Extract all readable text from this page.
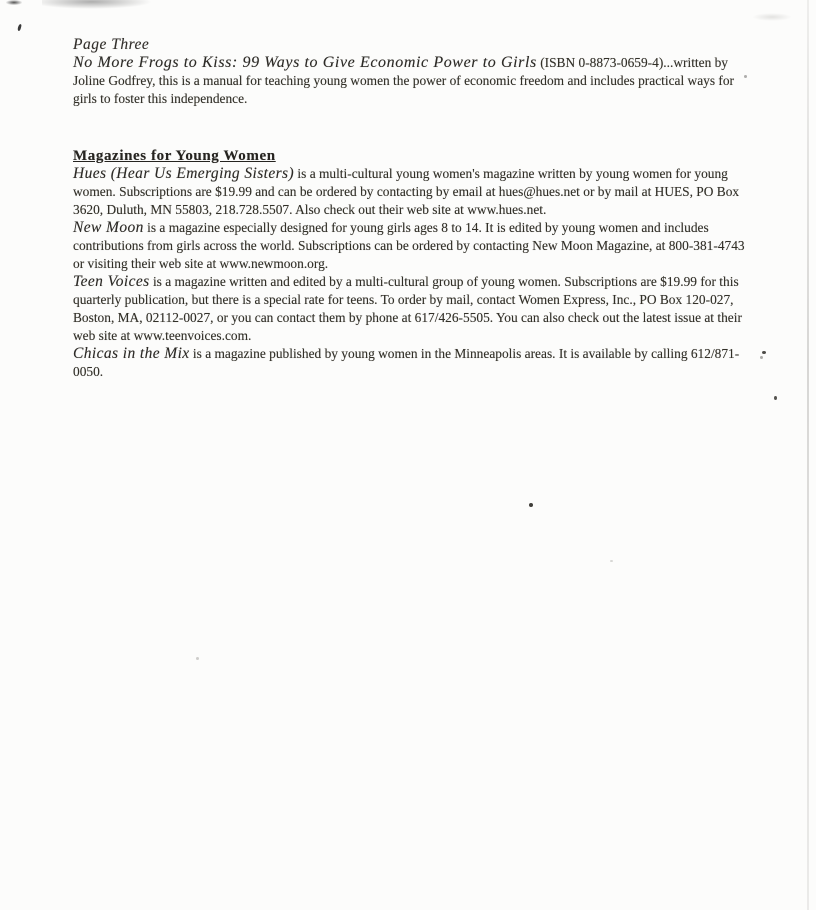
Page Three

No More Frogs to Kiss: 99 Ways to Give Economic Power to Girls (ISBN 0-8873-0659-4)...written by Joline Godfrey, this is a manual for teaching young women the power of economic freedom and includes practical ways for girls to foster this independence.

Magazines for Young Women

Hues (Hear Us Emerging Sisters) is a multi-cultural young women's magazine written by young women for young women. Subscriptions are $19.99 and can be ordered by contacting by email at hues@hues.net or by mail at HUES, PO Box 3620, Duluth, MN 55803, 218.728.5507. Also check out their web site at www.hues.net.

New Moon is a magazine especially designed for young girls ages 8 to 14. It is edited by young women and includes contributions from girls across the world. Subscriptions can be ordered by contacting New Moon Magazine, at 800-381-4743 or visiting their web site at www.newmoon.org.

Teen Voices is a magazine written and edited by a multi-cultural group of young women. Subscriptions are $19.99 for this quarterly publication, but there is a special rate for teens. To order by mail, contact Women Express, Inc., PO Box 120-027, Boston, MA, 02112-0027, or you can contact them by phone at 617/426-5505. You can also check out the latest issue at their web site at www.teenvoices.com.

Chicas in the Mix is a magazine published by young women in the Minneapolis areas. It is available by calling 612/871-0050.
